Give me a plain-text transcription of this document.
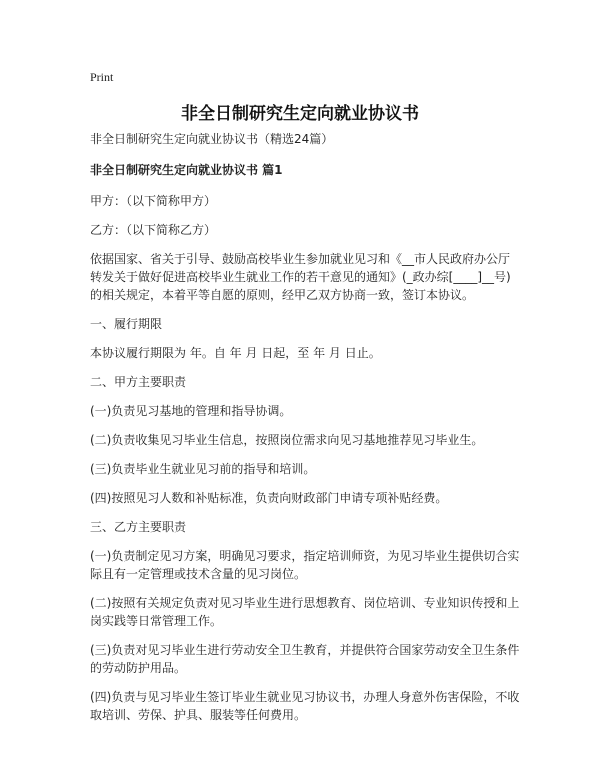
Print
非全日制研究生定向就业协议书

非全日制研究生定向就业协议书（精选24篇）

非全日制研究生定向就业协议书 篇1

甲方：（以下简称甲方）

乙方：（以下简称乙方）

依据国家、省关于引导、鼓励高校毕业生参加就业见习和《__市人民政府办公厅转发关于做好促进高校毕业生就业工作的若干意见的通知》(_政办综[____]__号)的相关规定，本着平等自愿的原则，经甲乙双方协商一致，签订本协议。

一、履行期限

本协议履行期限为 年。自 年 月 日起，至 年 月 日止。

二、甲方主要职责

(一)负责见习基地的管理和指导协调。

(二)负责收集见习毕业生信息，按照岗位需求向见习基地推荐见习毕业生。

(三)负责毕业生就业见习前的指导和培训。

(四)按照见习人数和补贴标准，负责向财政部门申请专项补贴经费。

三、乙方主要职责

(一)负责制定见习方案，明确见习要求，指定培训师资，为见习毕业生提供切合实际且有一定管理或技术含量的见习岗位。

(二)按照有关规定负责对见习毕业生进行思想教育、岗位培训、专业知识传授和上岗实践等日常管理工作。

(三)负责对见习毕业生进行劳动安全卫生教育，并提供符合国家劳动安全卫生条件的劳动防护用品。

(四)负责与见习毕业生签订毕业生就业见习协议书，办理人身意外伤害保险，不收取培训、劳保、护具、服装等任何费用。
